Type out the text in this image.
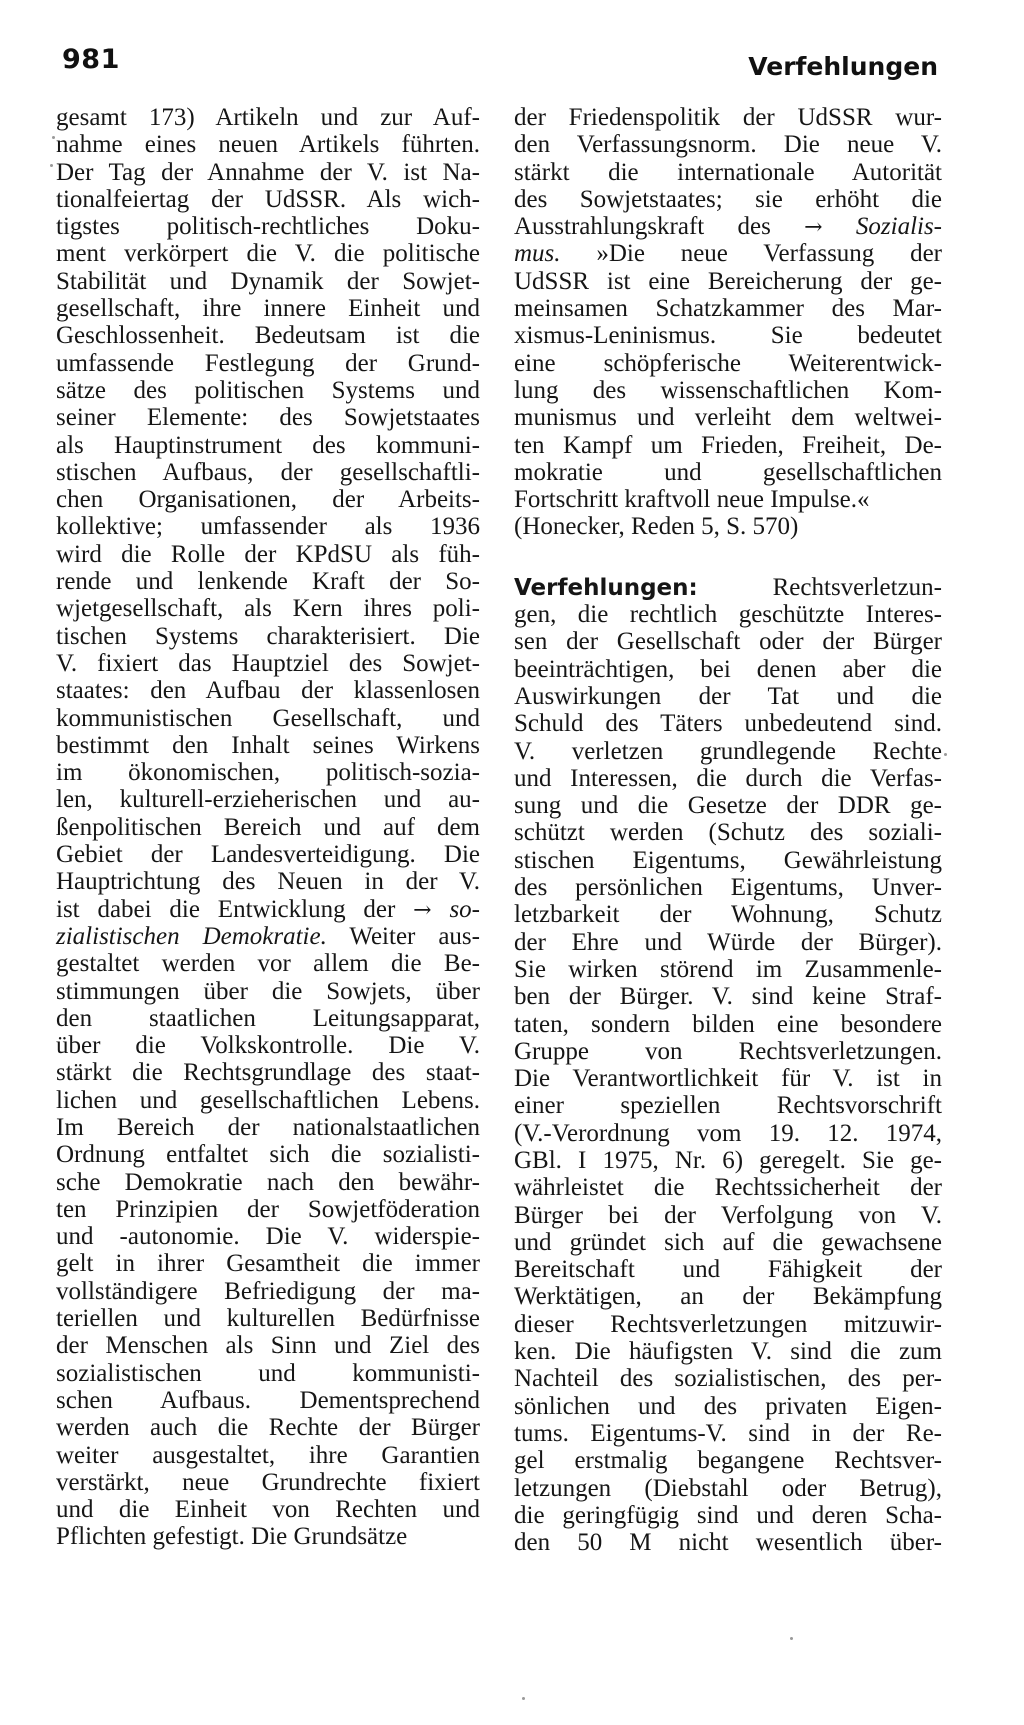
981	Verfehlungen
gesamt 173) Artikeln und zur Auf-
nahme eines neuen Artikels führten.
Der Tag der Annahme der V. ist Na-
tionalfeiertag der UdSSR. Als wich-
tigstes politisch-rechtliches Doku-
ment verkörpert die V. die politische
Stabilität und Dynamik der Sowjet-
gesellschaft, ihre innere Einheit und
Geschlossenheit. Bedeutsam ist die
umfassende Festlegung der Grund-
sätze des politischen Systems und
seiner Elemente: des Sowjetstaates
als Hauptinstrument des kommuni-
stischen Aufbaus, der gesellschaftli-
chen Organisationen, der Arbeits-
kollektive; umfassender als 1936
wird die Rolle der KPdSU als füh-
rende und lenkende Kraft der So-
wjetgesellschaft, als Kern ihres poli-
tischen Systems charakterisiert. Die
V. fixiert das Hauptziel des Sowjet-
staates: den Aufbau der klassenlosen
kommunistischen Gesellschaft, und
bestimmt den Inhalt seines Wirkens
im ökonomischen, politisch-sozia-
len, kulturell-erzieherischen und au-
ßenpolitischen Bereich und auf dem
Gebiet der Landesverteidigung. Die
Hauptrichtung des Neuen in der V.
ist dabei die Entwicklung der → so-
zialistischen Demokratie. Weiter aus-
gestaltet werden vor allem die Be-
stimmungen über die Sowjets, über
den staatlichen Leitungsapparat,
über die Volkskontrolle. Die V.
stärkt die Rechtsgrundlage des staat-
lichen und gesellschaftlichen Lebens.
Im Bereich der nationalstaatlichen
Ordnung entfaltet sich die sozialisti-
sche Demokratie nach den bewähr-
ten Prinzipien der Sowjetföderation
und -autonomie. Die V. widerspie-
gelt in ihrer Gesamtheit die immer
vollständigere Befriedigung der ma-
teriellen und kulturellen Bedürfnisse
der Menschen als Sinn und Ziel des
sozialistischen und kommunisti-
schen Aufbaus. Dementsprechend
werden auch die Rechte der Bürger
weiter ausgestaltet, ihre Garantien
verstärkt, neue Grundrechte fixiert
und die Einheit von Rechten und
Pflichten gefestigt. Die Grundsätze
der Friedenspolitik der UdSSR wur-
den Verfassungsnorm. Die neue V.
stärkt die internationale Autorität
des Sowjetstaates; sie erhöht die
Ausstrahlungskraft des → Sozialis-
mus. »Die neue Verfassung der
UdSSR ist eine Bereicherung der ge-
meinsamen Schatzkammer des Mar-
xismus-Leninismus. Sie bedeutet
eine schöpferische Weiterentwick-
lung des wissenschaftlichen Kom-
munismus und verleiht dem weltwei-
ten Kampf um Frieden, Freiheit, De-
mokratie und gesellschaftlichen
Fortschritt kraftvoll neue Impulse.«
(Honecker, Reden 5, S. 570)
Verfehlungen:	Rechtsverletzun-
gen, die rechtlich geschützte Interes-
sen der Gesellschaft oder der Bürger
beeinträchtigen, bei denen aber die
Auswirkungen der Tat und die
Schuld des Täters unbedeutend sind.
V. verletzen grundlegende Rechte
und Interessen, die durch die Verfas-
sung und die Gesetze der DDR ge-
schützt werden (Schutz des soziali-
stischen Eigentums, Gewährleistung
des persönlichen Eigentums, Unver-
letzbarkeit der Wohnung, Schutz
der Ehre und Würde der Bürger).
Sie wirken störend im Zusammenle-
ben der Bürger. V. sind keine Straf-
taten, sondern bilden eine besondere
Gruppe von Rechtsverletzungen.
Die Verantwortlichkeit für V. ist in
einer speziellen Rechtsvorschrift
(V.-Verordnung vom 19. 12. 1974,
GBl. I 1975, Nr. 6) geregelt. Sie ge-
währleistet die Rechtssicherheit der
Bürger bei der Verfolgung von V.
und gründet sich auf die gewachsene
Bereitschaft und Fähigkeit der
Werktätigen, an der Bekämpfung
dieser Rechtsverletzungen mitzuwir-
ken. Die häufigsten V. sind die zum
Nachteil des sozialistischen, des per-
sönlichen und des privaten Eigen-
tums. Eigentums-V. sind in der Re-
gel erstmalig begangene Rechtsver-
letzungen (Diebstahl oder Betrug),
die geringfügig sind und deren Scha-
den 50 M nicht wesentlich über-
